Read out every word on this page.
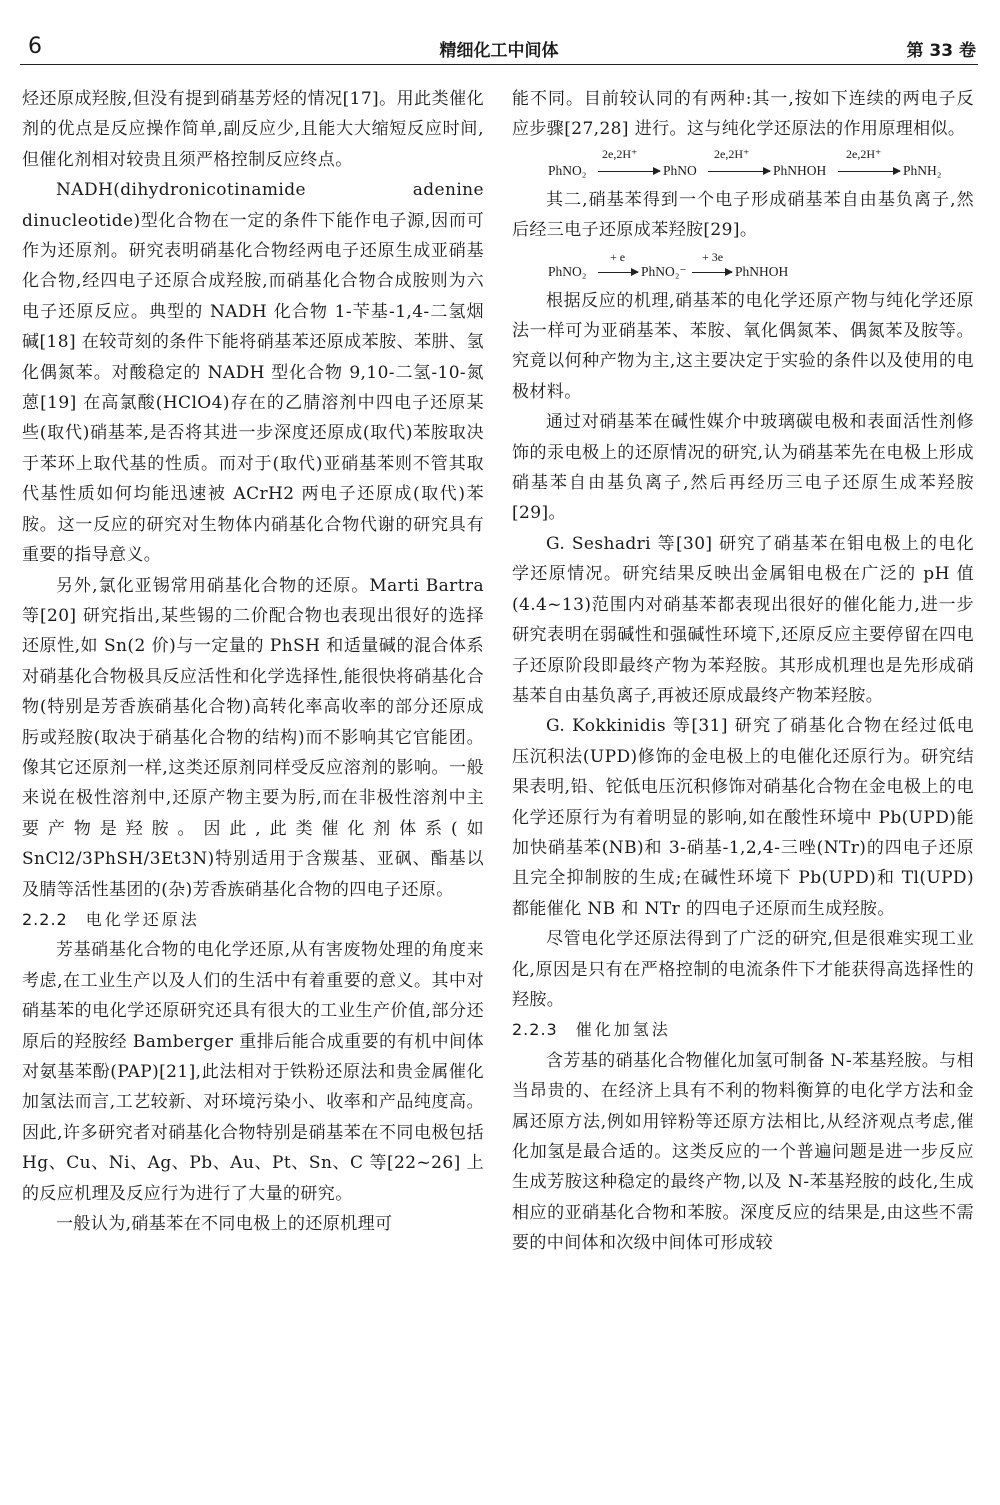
6	精细化工中间体	第 33 卷

烃还原成羟胺,但没有提到硝基芳烃的情况[17]。用此类催化剂的优点是反应操作简单,副反应少,且能大大缩短反应时间,但催化剂相对较贵且须严格控制反应终点。

NADH(dihydronicotinamide adenine dinucleotide)型化合物在一定的条件下能作电子源,因而可作为还原剂。研究表明硝基化合物经两电子还原生成亚硝基化合物,经四电子还原合成羟胺,而硝基化合物合成胺则为六电子还原反应。典型的 NADH 化合物 1-苄基-1,4-二氢烟碱[18] 在较苛刻的条件下能将硝基苯还原成苯胺、苯肼、氢化偶氮苯。对酸稳定的 NADH 型化合物 9,10-二氢-10-氮蒽[19] 在高氯酸(HClO4)存在的乙腈溶剂中四电子还原某些(取代)硝基苯,是否将其进一步深度还原成(取代)苯胺取决于苯环上取代基的性质。而对于(取代)亚硝基苯则不管其取代基性质如何均能迅速被 ACrH2 两电子还原成(取代)苯胺。这一反应的研究对生物体内硝基化合物代谢的研究具有重要的指导意义。

另外,氯化亚锡常用硝基化合物的还原。Marti Bartra 等[20] 研究指出,某些锡的二价配合物也表现出很好的选择还原性,如 Sn(2 价)与一定量的 PhSH 和适量碱的混合体系对硝基化合物极具反应活性和化学选择性,能很快将硝基化合物(特别是芳香族硝基化合物)高转化率高收率的部分还原成肟或羟胺(取决于硝基化合物的结构)而不影响其它官能团。像其它还原剂一样,这类还原剂同样受反应溶剂的影响。一般来说在极性溶剂中,还原产物主要为肟,而在非极性溶剂中主要产物是羟胺。因此,此类催化剂体系(如 SnCl2/3PhSH/3Et3N)特别适用于含羰基、亚砜、酯基以及腈等活性基团的(杂)芳香族硝基化合物的四电子还原。

2.2.2 电化学还原法

芳基硝基化合物的电化学还原,从有害废物处理的角度来考虑,在工业生产以及人们的生活中有着重要的意义。其中对硝基苯的电化学还原研究还具有很大的工业生产价值,部分还原后的羟胺经 Bamberger 重排后能合成重要的有机中间体对氨基苯酚(PAP)[21],此法相对于铁粉还原法和贵金属催化加氢法而言,工艺较新、对环境污染小、收率和产品纯度高。因此,许多研究者对硝基化合物特别是硝基苯在不同电极包括 Hg、Cu、Ni、Ag、Pb、Au、Pt、Sn、C 等[22~26] 上的反应机理及反应行为进行了大量的研究。

一般认为,硝基苯在不同电极上的还原机理可

能不同。目前较认同的有两种:其一,按如下连续的两电子反应步骤[27,28] 进行。这与纯化学还原法的作用原理相似。

PhNO₂
2e,2H⁺
PhNO
2e,2H⁺
PhNHOH
2e,2H⁺
PhNH₂

其二,硝基苯得到一个电子形成硝基苯自由基负离子,然后经三电子还原成苯羟胺[29]。

PhNO₂
+ e
→ PhNO₂⁻
+ 3e
→ PhNHOH

根据反应的机理,硝基苯的电化学还原产物与纯化学还原法一样可为亚硝基苯、苯胺、氧化偶氮苯、偶氮苯及胺等。究竟以何种产物为主,这主要决定于实验的条件以及使用的电极材料。

通过对硝基苯在碱性媒介中玻璃碳电极和表面活性剂修饰的汞电极上的还原情况的研究,认为硝基苯先在电极上形成硝基苯自由基负离子,然后再经历三电子还原生成苯羟胺[29]。

G. Seshadri 等[30] 研究了硝基苯在钼电极上的电化学还原情况。研究结果反映出金属钼电极在广泛的 pH 值(4.4~13)范围内对硝基苯都表现出很好的催化能力,进一步研究表明在弱碱性和强碱性环境下,还原反应主要停留在四电子还原阶段即最终产物为苯羟胺。其形成机理也是先形成硝基苯自由基负离子,再被还原成最终产物苯羟胺。

G. Kokkinidis 等[31] 研究了硝基化合物在经过低电压沉积法(UPD)修饰的金电极上的电催化还原行为。研究结果表明,铅、铊低电压沉积修饰对硝基化合物在金电极上的电化学还原行为有着明显的影响,如在酸性环境中 Pb(UPD)能加快硝基苯(NB)和 3-硝基-1,2,4-三唑(NTr)的四电子还原且完全抑制胺的生成;在碱性环境下 Pb(UPD)和 Tl(UPD)都能催化 NB 和 NTr 的四电子还原而生成羟胺。

尽管电化学还原法得到了广泛的研究,但是很难实现工业化,原因是只有在严格控制的电流条件下才能获得高选择性的羟胺。

2.2.3 催化加氢法

含芳基的硝基化合物催化加氢可制备 N-苯基羟胺。与相当昂贵的、在经济上具有不利的物料衡算的电化学方法和金属还原方法,例如用锌粉等还原方法相比,从经济观点考虑,催化加氢是最合适的。这类反应的一个普遍问题是进一步反应生成芳胺这种稳定的最终产物,以及 N-苯基羟胺的歧化,生成相应的亚硝基化合物和苯胺。深度反应的结果是,由这些不需要的中间体和次级中间体可形成较
